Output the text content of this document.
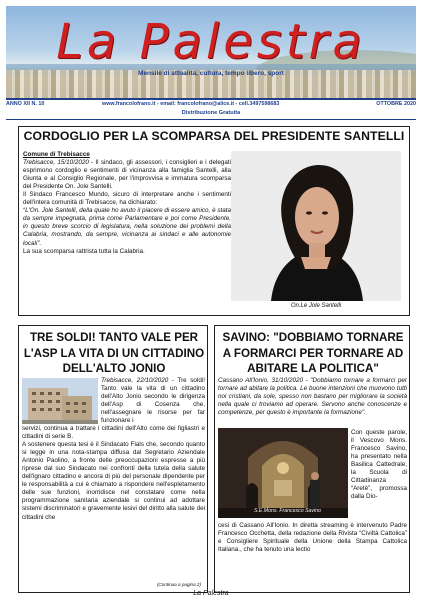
La Palestra
Mensile di attualità, cultura, tempo libero, sport
ANNO XII N. 10	www.francolofrano.it - email: francolofrano@alice.it - cell.3497598683	OTTOBRE 2020
Distribuzione Gratuita
CORDOGLIO PER LA SCOMPARSA DEL PRESIDENTE SANTELLI
Comune di Trebisacce
Trebisacce, 15/10/2020 - Il sindaco, gli assessori, i consiglieri e i delegati esprimono cordoglio e sentimenti di vicinanza alla famiglia Santelli, alla Giunta e al Consiglio Regionale, per l'improvvisa e immatura scomparsa del Presidente On. Jole Santelli.
Il Sindaco Francesco Mundo, sicuro di interpretare anche i sentimenti dell'intera comunità di Trebisacce, ha dichiarato:
“L'On. Jole Santelli, della quale ho avuto il piacere di essere amico, è stata da sempre impegnata, prima come Parlamentare e poi come Presidente, in questo breve scorcio di legislatura, nella soluzione dei problemi della Calabria, mostrando, da sempre, vicinanza ai sindaci e alle autonomie locali”.
La sua scomparsa rattrista tutta la Calabria.
On.Le Jole Santelli
TRE SOLDI! TANTO VALE PER L'ASP LA VITA DI UN CITTADINO DELL'ALTO JONIO
Trebisacce, 22/10/2020 - Tre soldi! Tanto vale la vita di un cittadino dell'Alto Jonio secondo le dirigenza dell'Asp di Cosenza che, nell'assegnare le risorse per far funzionare i
servizi, continua a trattare i cittadini dell'Alto come dei figliastri e cittadini di serie B.
A sostenere questa tesi è il Sindacato Fials che, secondo quanto si legge in una nota-stampa diffusa dal Segretario Aziendale Antonio Paolino, a fronte delle preoccupazioni espresse a più riprese dal suo Sindacato nei confronti della tutela della salute dell'ignaro cittadino e ancora di più del personale dipendente per le responsabilità a cui è chiamato a rispondere nell'espletamento delle sue funzioni, inorridisce nel constatare come nella programmazione sanitaria aziendale si continui ad adottare sistemi discriminatori e gravemente lesivi del diritto alla salute dei cittadini che
(Continua a pagina 2)
SAVINO: "DOBBIAMO TORNARE A FORMARCI PER TORNARE AD ABITARE LA POLITICA"
Cassano All'Ionio, 31/10/2020 - "Dobbiamo tornare a formarci per tornare ad abitare la politica. Le buone intenzioni che muovono tutti noi cristiani, da sole, spesso non bastano per migliorare la società nella quale ci troviamo ad operare. Servono anche conoscenze e competenze, per questo è importante la formazione".
S.E.Mons. Francesco Savino
Con queste parole, il Vescovo Mons. Francesco Savino, ha presentato nella Basilica Cattedrale, la Scuola di Cittadinanza “Aretè”, promossa dalla Dio-
cesi di Cassano All'Ionio. In diretta streaming è intervenuto Padre Francesco Occhetta, della redazione della Rivista “Civiltà Cattolica” e Consigliere Spirituale della Unione della Stampa Cattolica Italiana., che ha tenuto una lectio
La Palestra
